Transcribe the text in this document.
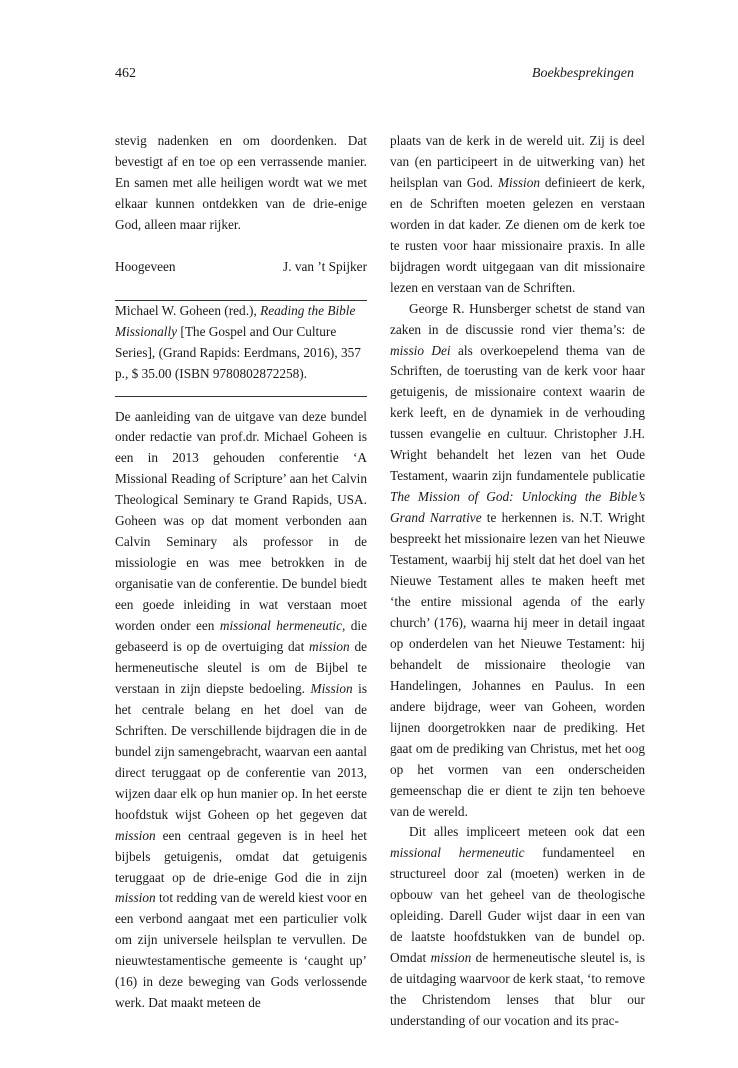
462	Boekbesprekingen

stevig nadenken en om doordenken. Dat bevestigt af en toe op een verrassende manier. En samen met alle heiligen wordt wat we met elkaar kunnen ontdekken van de drie-enige God, alleen maar rijker.

Hoogeveen	J. van ’t Spijker

Michael W. Goheen (red.), Reading the Bible Missionally [The Gospel and Our Culture Series], (Grand Rapids: Eerdmans, 2016), 357 p., $ 35.00 (ISBN 9780802872258).

De aanleiding van de uitgave van deze bundel onder redactie van prof.dr. Michael Goheen is een in 2013 gehouden conferentie ‘A Missional Reading of Scripture’ aan het Calvin Theological Seminary te Grand Rapids, USA. Goheen was op dat moment verbonden aan Calvin Seminary als professor in de missiologie en was mee betrokken in de organisatie van de conferentie. De bundel biedt een goede inleiding in wat verstaan moet worden onder een missional hermeneutic, die gebaseerd is op de overtuiging dat mission de hermeneutische sleutel is om de Bijbel te verstaan in zijn diepste bedoeling. Mission is het centrale belang en het doel van de Schriften. De verschillende bijdragen die in de bundel zijn samengebracht, waarvan een aantal direct teruggaat op de conferentie van 2013, wijzen daar elk op hun manier op. In het eerste hoofdstuk wijst Goheen op het gegeven dat mission een centraal gegeven is in heel het bijbels getuigenis, omdat dat getuigenis teruggaat op de drie-enige God die in zijn mission tot redding van de wereld kiest voor en een verbond aangaat met een particulier volk om zijn universele heilsplan te vervullen. De nieuwtestamentische gemeente is ‘caught up’ (16) in deze beweging van Gods verlossende werk. Dat maakt meteen de

plaats van de kerk in de wereld uit. Zij is deel van (en participeert in de uitwerking van) het heilsplan van God. Mission definieert de kerk, en de Schriften moeten gelezen en verstaan worden in dat kader. Ze dienen om de kerk toe te rusten voor haar missionaire praxis. In alle bijdragen wordt uitgegaan van dit missionaire lezen en verstaan van de Schriften.

George R. Hunsberger schetst de stand van zaken in de discussie rond vier thema’s: de missio Dei als overkoepelend thema van de Schriften, de toerusting van de kerk voor haar getuigenis, de missionaire context waarin de kerk leeft, en de dynamiek in de verhouding tussen evangelie en cultuur. Christopher J.H. Wright behandelt het lezen van het Oude Testament, waarin zijn fundamentele publicatie The Mission of God: Unlocking the Bible’s Grand Narrative te herkennen is. N.T. Wright bespreekt het missionaire lezen van het Nieuwe Testament, waarbij hij stelt dat het doel van het Nieuwe Testament alles te maken heeft met ‘the entire missional agenda of the early church’ (176), waarna hij meer in detail ingaat op onderdelen van het Nieuwe Testament: hij behandelt de missionaire theologie van Handelingen, Johannes en Paulus. In een andere bijdrage, weer van Goheen, worden lijnen doorgetrokken naar de prediking. Het gaat om de prediking van Christus, met het oog op het vormen van een onderscheiden gemeenschap die er dient te zijn ten behoeve van de wereld.

Dit alles impliceert meteen ook dat een missional hermeneutic fundamenteel en structureel door zal (moeten) werken in de opbouw van het geheel van de theologische opleiding. Darell Guder wijst daar in een van de laatste hoofdstukken van de bundel op. Omdat mission de hermeneutische sleutel is, is de uitdaging waarvoor de kerk staat, ‘to remove the Christendom lenses that blur our understanding of our vocation and its prac-
